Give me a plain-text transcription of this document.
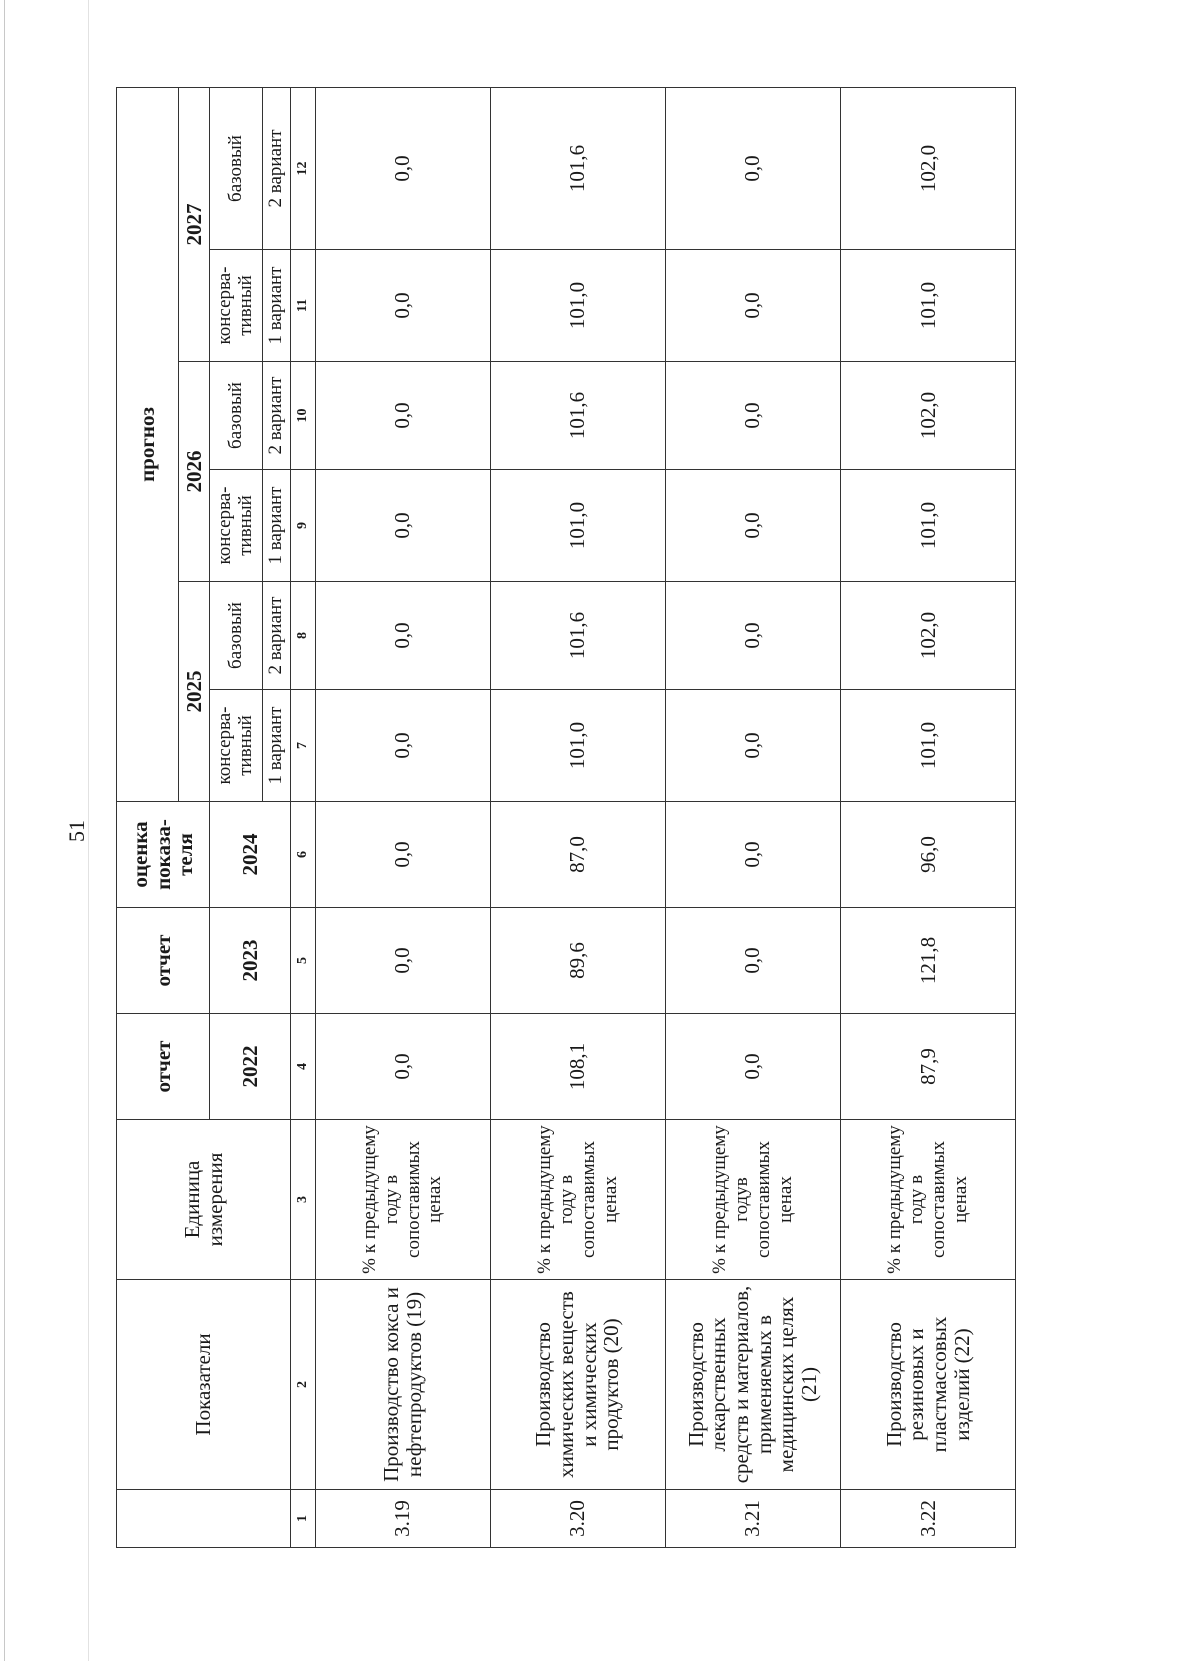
51
	Показатели	Единица измерения	отчет	отчет	оценка показа-теля	прогноз					
						2025		2026		2027	
			2022	2023	2024	консерва-тивный	базовый	консерва-тивный	базовый	консерва-тивный	базовый
						1 вариант	2 вариант	1 вариант	2 вариант	1 вариант	2 вариант
1	2	3	4	5	6	7	8	9	10	11	12
3.19	Производство кокса и нефтепродуктов (19)	% к предыдущему году в сопоставимых ценах	0,0	0,0	0,0	0,0	0,0	0,0	0,0	0,0	0,0
3.20	Производство химических веществ и химических продуктов (20)	% к предыдущему году в сопоставимых ценах	108,1	89,6	87,0	101,0	101,6	101,0	101,6	101,0	101,6
3.21	Производство лекарственных средств и материалов, применяемых в медицинских целях (21)	% к предыдущему годув сопоставимых ценах	0,0	0,0	0,0	0,0	0,0	0,0	0,0	0,0	0,0
3.22	Производство резиновых и пластмассовых изделий (22)	% к предыдущему году в сопоставимых ценах	87,9	121,8	96,0	101,0	102,0	101,0	102,0	101,0	102,0
